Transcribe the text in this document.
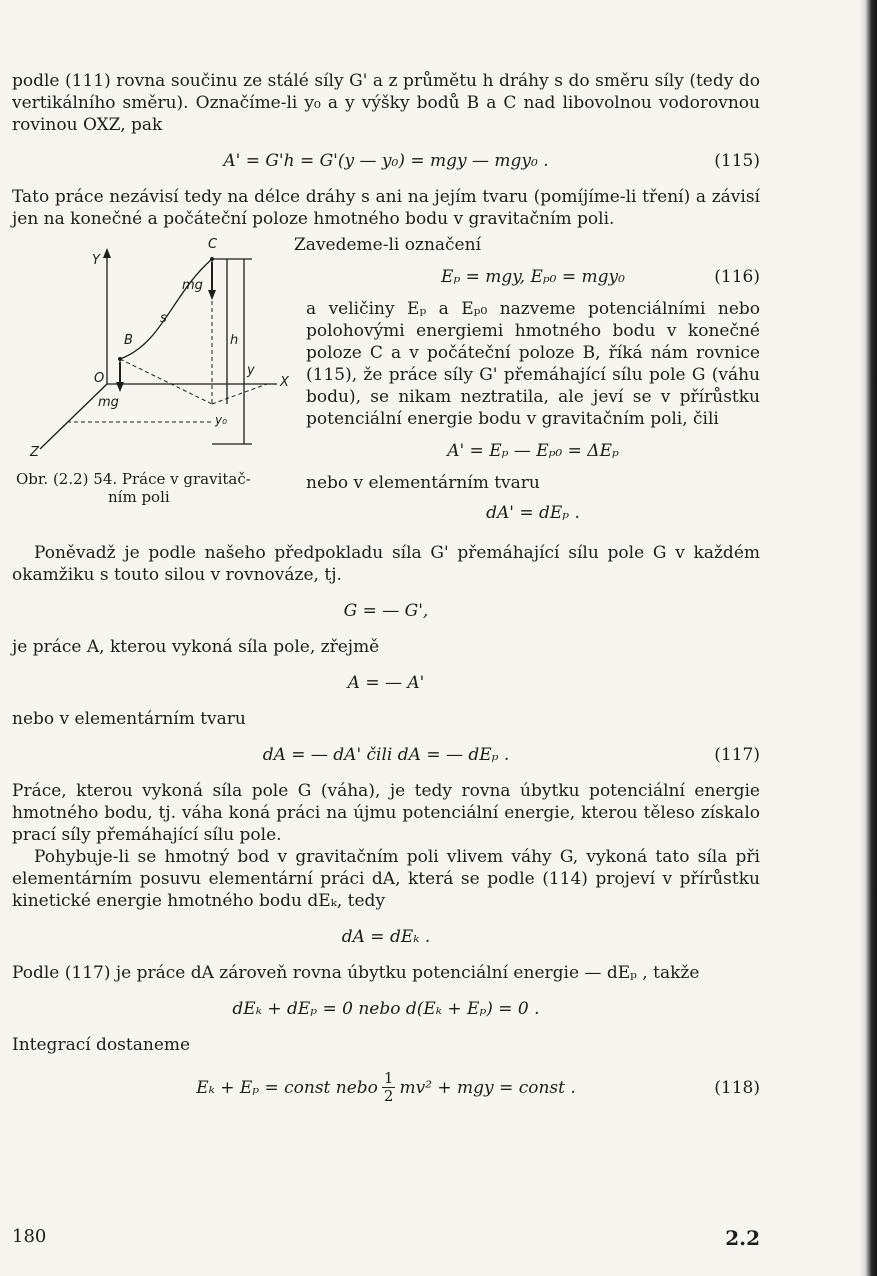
podle (111) rovna součinu ze stálé síly G' a z průmětu h dráhy s do směru síly (tedy do vertikálního směru). Označíme-li y₀ a y výšky bodů B a C nad libovolnou vodorovnou rovinou OXZ, pak

A' = G'h = G'(y — y₀) = mgy — mgy₀ .	(115)

Tato práce nezávisí tedy na délce dráhy s ani na jejím tvaru (pomíjíme-li tření) a závisí jen na konečné a počáteční poloze hmotného bodu v gravitačním poli.

Y
C
B
O	X
Z
s
mg
mg
h
y
y₀
Obr. (2.2) 54. Práce v gravitač-
ním poli

Zavedeme-li označení

Eₚ = mgy, Eₚ₀ = mgy₀	(116)

a veličiny Eₚ a Eₚ₀ nazveme potenciálními nebo polohovými energiemi hmotného bodu v konečné poloze C a v počáteční poloze B, říká nám rovnice (115), že práce síly G' přemáhající sílu pole G (váhu bodu), se nikam neztratila, ale jeví se v přírůstku potenciální energie bodu v gravitačním poli, čili

A' = Eₚ — Eₚ₀ = ΔEₚ

nebo v elementárním tvaru

dA' = dEₚ .

Poněvadž je podle našeho předpokladu síla G' přemáhající sílu pole G v každém okamžiku s touto silou v rovnováze, tj.

G = — G',

je práce A, kterou vykoná síla pole, zřejmě

A = — A'

nebo v elementárním tvaru

dA = — dA' čili dA = — dEₚ .	(117)

Práce, kterou vykoná síla pole G (váha), je tedy rovna úbytku potenciální energie hmotného bodu, tj. váha koná práci na újmu potenciální energie, kterou těleso získalo prací síly přemáhající sílu pole.

Pohybuje-li se hmotný bod v gravitačním poli vlivem váhy G, vykoná tato síla při elementárním posuvu elementární práci dA, která se podle (114) projeví v přírůstku kinetické energie hmotného bodu dEₖ, tedy

dA = dEₖ .

Podle (117) je práce dA zároveň rovna úbytku potenciální energie — dEₚ , takže

dEₖ + dEₚ = 0 nebo d(Eₖ + Eₚ) = 0 .

Integrací dostaneme

Eₖ + Eₚ = const nebo $\frac{1}{2} mv^2$ + mgy = const .	(118)
180	2.2
